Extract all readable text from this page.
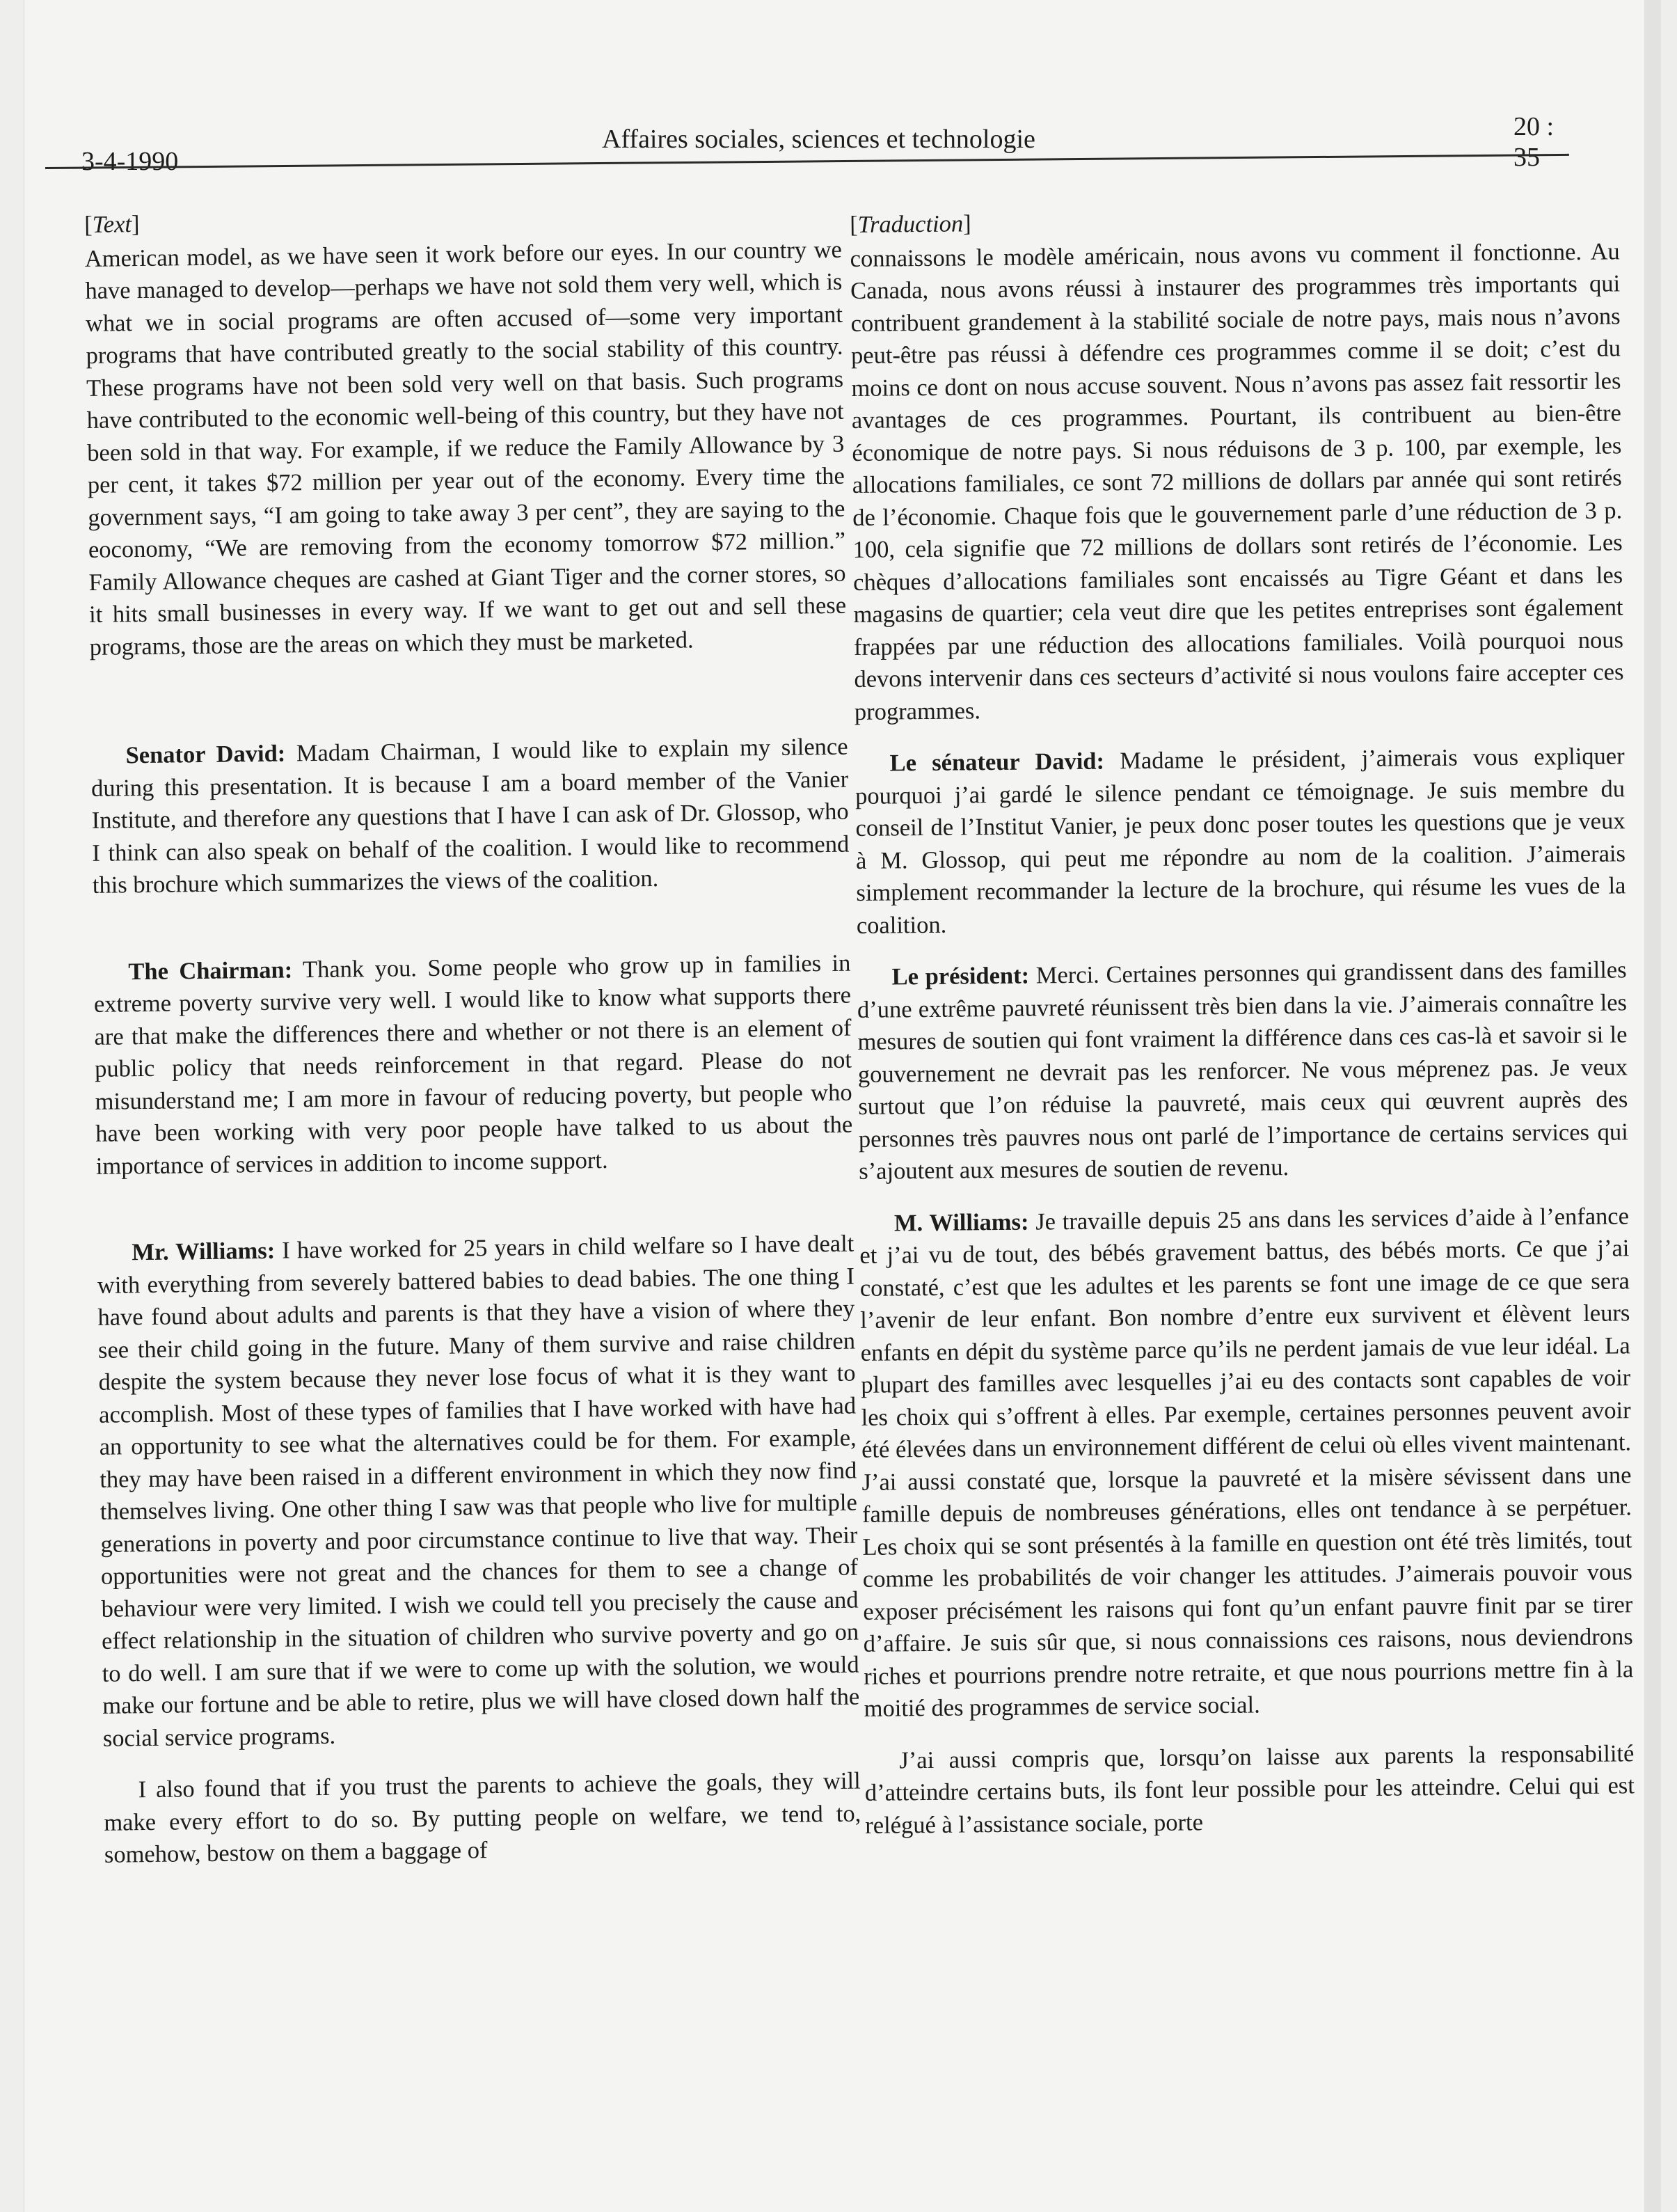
3-4-1990
Affaires sociales, sciences et technologie	20 : 35

[Text]

American model, as we have seen it work before our eyes. In our country we have managed to develop—perhaps we have not sold them very well, which is what we in social programs are often accused of—some very important programs that have contributed greatly to the social stability of this country. These programs have not been sold very well on that basis. Such programs have contributed to the economic well-being of this country, but they have not been sold in that way. For example, if we reduce the Family Allowance by 3 per cent, it takes $72 million per year out of the economy. Every time the government says, “I am going to take away 3 per cent”, they are saying to the eoconomy, “We are removing from the economy tomorrow $72 million.” Family Allowance cheques are cashed at Giant Tiger and the corner stores, so it hits small businesses in every way. If we want to get out and sell these programs, those are the areas on which they must be marketed.

Senator David: Madam Chairman, I would like to explain my silence during this presentation. It is because I am a board member of the Vanier Institute, and therefore any questions that I have I can ask of Dr. Glossop, who I think can also speak on behalf of the coalition. I would like to recommend this brochure which summarizes the views of the coalition.

The Chairman: Thank you. Some people who grow up in families in extreme poverty survive very well. I would like to know what supports there are that make the differences there and whether or not there is an element of public policy that needs reinforcement in that regard. Please do not misunderstand me; I am more in favour of reducing poverty, but people who have been working with very poor people have talked to us about the importance of services in addition to income support.

Mr. Williams: I have worked for 25 years in child welfare so I have dealt with everything from severely battered babies to dead babies. The one thing I have found about adults and parents is that they have a vision of where they see their child going in the future. Many of them survive and raise children despite the system because they never lose focus of what it is they want to accomplish. Most of these types of families that I have worked with have had an opportunity to see what the alternatives could be for them. For example, they may have been raised in a different environment in which they now find themselves living. One other thing I saw was that people who live for multiple generations in poverty and poor circumstance continue to live that way. Their opportunities were not great and the chances for them to see a change of behaviour were very limited. I wish we could tell you precisely the cause and effect relationship in the situation of children who survive poverty and go on to do well. I am sure that if we were to come up with the solution, we would make our fortune and be able to retire, plus we will have closed down half the social service programs.

I also found that if you trust the parents to achieve the goals, they will make every effort to do so. By putting people on welfare, we tend to, somehow, bestow on them a baggage of

[Traduction]

connaissons le modèle américain, nous avons vu comment il fonctionne. Au Canada, nous avons réussi à instaurer des programmes très importants qui contribuent grandement à la stabilité sociale de notre pays, mais nous n’avons peut-être pas réussi à défendre ces programmes comme il se doit; c’est du moins ce dont on nous accuse souvent. Nous n’avons pas assez fait ressortir les avantages de ces programmes. Pourtant, ils contribuent au bien-être économique de notre pays. Si nous réduisons de 3 p. 100, par exemple, les allocations familiales, ce sont 72 millions de dollars par année qui sont retirés de l’économie. Chaque fois que le gouvernement parle d’une réduction de 3 p. 100, cela signifie que 72 millions de dollars sont retirés de l’économie. Les chèques d’allocations familiales sont encaissés au Tigre Géant et dans les magasins de quartier; cela veut dire que les petites entreprises sont également frappées par une réduction des allocations familiales. Voilà pourquoi nous devons intervenir dans ces secteurs d’activité si nous voulons faire accepter ces programmes.

Le sénateur David: Madame le président, j’aimerais vous expliquer pourquoi j’ai gardé le silence pendant ce témoignage. Je suis membre du conseil de l’Institut Vanier, je peux donc poser toutes les questions que je veux à M. Glossop, qui peut me répondre au nom de la coalition. J’aimerais simplement recommander la lecture de la brochure, qui résume les vues de la coalition.

Le président: Merci. Certaines personnes qui grandissent dans des familles d’une extrême pauvreté réunissent très bien dans la vie. J’aimerais connaître les mesures de soutien qui font vraiment la différence dans ces cas-là et savoir si le gouvernement ne devrait pas les renforcer. Ne vous méprenez pas. Je veux surtout que l’on réduise la pauvreté, mais ceux qui œuvrent auprès des personnes très pauvres nous ont parlé de l’importance de certains services qui s’ajoutent aux mesures de soutien de revenu.

M. Williams: Je travaille depuis 25 ans dans les services d’aide à l’enfance et j’ai vu de tout, des bébés gravement battus, des bébés morts. Ce que j’ai constaté, c’est que les adultes et les parents se font une image de ce que sera l’avenir de leur enfant. Bon nombre d’entre eux survivent et élèvent leurs enfants en dépit du système parce qu’ils ne perdent jamais de vue leur idéal. La plupart des familles avec lesquelles j’ai eu des contacts sont capables de voir les choix qui s’offrent à elles. Par exemple, certaines personnes peuvent avoir été élevées dans un environnement différent de celui où elles vivent maintenant. J’ai aussi constaté que, lorsque la pauvreté et la misère sévissent dans une famille depuis de nombreuses générations, elles ont tendance à se perpétuer. Les choix qui se sont présentés à la famille en question ont été très limités, tout comme les probabilités de voir changer les attitudes. J’aimerais pouvoir vous exposer précisément les raisons qui font qu’un enfant pauvre finit par se tirer d’affaire. Je suis sûr que, si nous connaissions ces raisons, nous deviendrons riches et pourrions prendre notre retraite, et que nous pourrions mettre fin à la moitié des programmes de service social.

J’ai aussi compris que, lorsqu’on laisse aux parents la responsabilité d’atteindre certains buts, ils font leur possible pour les atteindre. Celui qui est relégué à l’assistance sociale, porte
